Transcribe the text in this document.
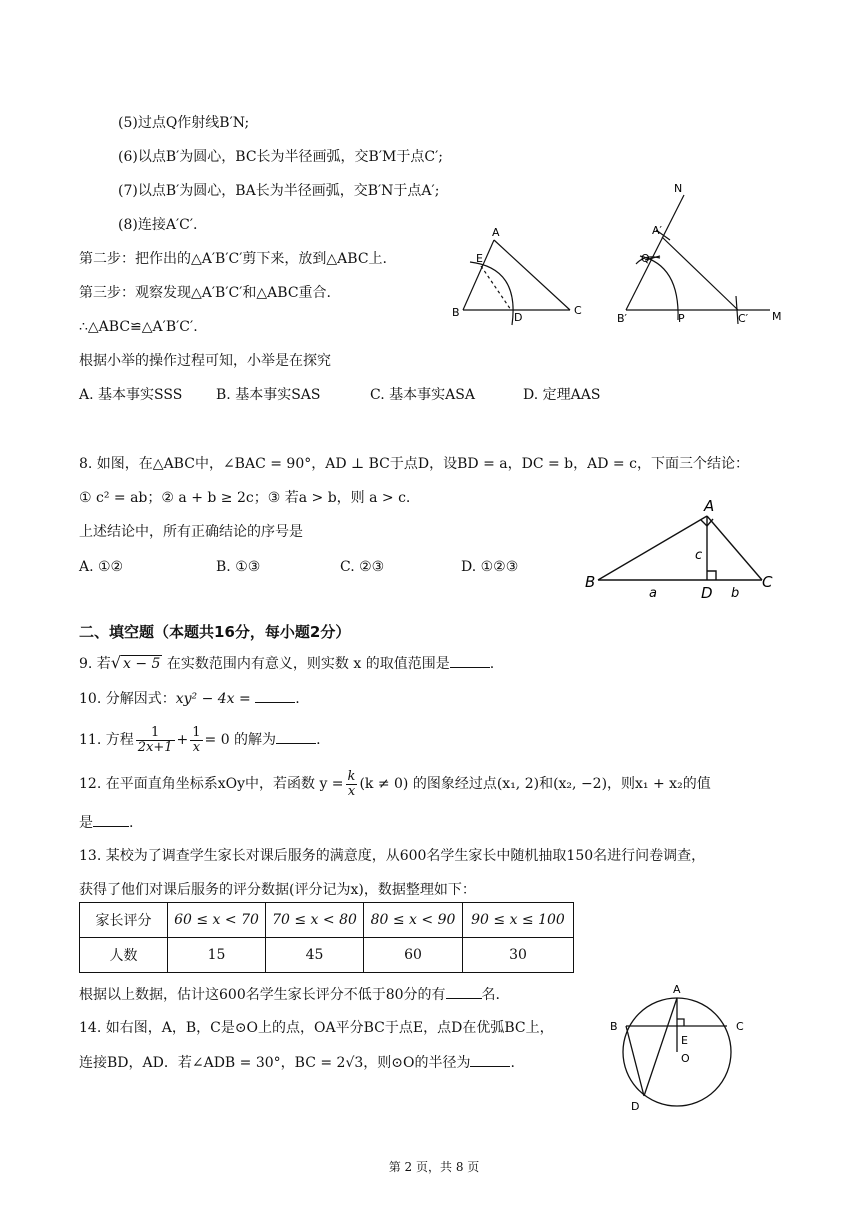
(5)过点Q作射线B′N;
(6)以点B′为圆心，BC长为半径画弧，交B′M于点C′;
(7)以点B′为圆心，BA长为半径画弧，交B′N于点A′;
(8)连接A′C′.
第二步：把作出的△A′B′C′剪下来，放到△ABC上.
第三步：观察发现△A′B′C′和△ABC重合.
∴△ABC≌△A′B′C′.
根据小举的操作过程可知，小举是在探究
A. 基本事实SSS B. 基本事实SAS	C. 基本事实ASA	D. 定理AAS
A
E
B	D
C
N
A′
Q
B′	P	C′ M
8. 如图，在△ABC中，∠BAC = 90°，AD ⊥ BC于点D，设BD = a，DC = b，AD = c，下面三个结论：
① c² = ab；② a + b ≥ 2c；③ 若a > b，则 a > c.
上述结论中，所有正确结论的序号是
A. ①②	B. ①③	C. ②③	D. ①②③
A
c
B
a	D b
C
二、填空题（本题共16分，每小题2分）
9. 若√ x − 5 在实数范围内有意义，则实数 x 的取值范围是	.
10. 分解因式：xy² − 4x =	.
11. 方程 $\frac{1}{2x+1} + \frac{1}{x} = 0$ 的解为	.
12. 在平面直角坐标系xOy中，若函数 $y = \frac{k}{x} (k \ne 0)$ 的图象经过点(x₁, 2)和(x₂, −2)，则x₁ + x₂的值
是	.
13. 某校为了调查学生家长对课后服务的满意度，从600名学生家长中随机抽取150名进行问卷调查，
获得了他们对课后服务的评分数据(评分记为x)，数据整理如下：
家长评分	60 ≤ x < 70	70 ≤ x < 80	80 ≤ x < 90	90 ≤ x ≤ 100
人数	15	45	60	30
根据以上数据，估计这600名学生家长评分不低于80分的有	名.
14. 如右图，A，B，C是⊙O上的点，OA平分BC于点E，点D在优弧BC上，
连接BD，AD．若∠ADB = 30°，BC = 2√3，则⊙O的半径为	.
A
B	C
E
O
D
第 2 页，共 8 页
